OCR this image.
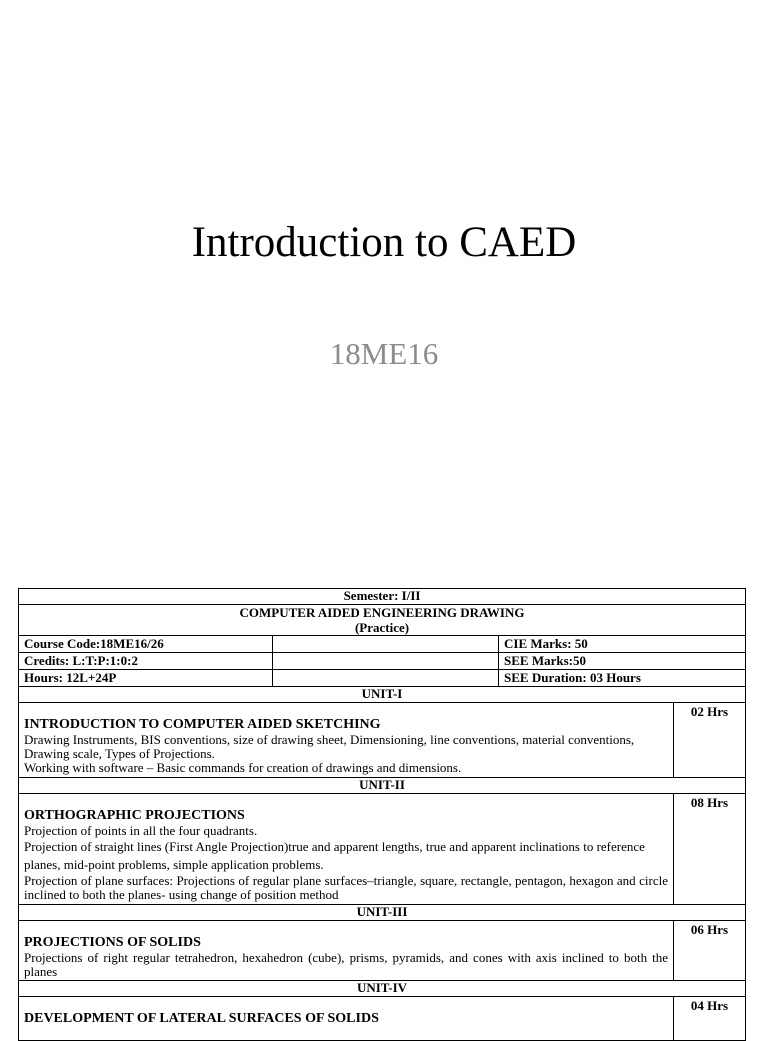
Introduction to CAED
18ME16
Semester: I/II			

COMPUTER AIDED ENGINEERING DRAWING
(Practice)			

Course Code:18ME16/26		CIE Marks: 50	
Credits: L:T:P:1:0:2		SEE Marks:50	
Hours: 12L+24P		SEE Duration: 03 Hours	
UNIT-I			

INTRODUCTION TO COMPUTER AIDED SKETCHING

Drawing Instruments, BIS conventions, size of drawing sheet, Dimensioning, line conventions, material conventions, Drawing scale, Types of Projections.

Working with software – Basic commands for creation of drawings and dimensions.			02 Hrs
UNIT-II			

ORTHOGRAPHIC PROJECTIONS

Projection of points in all the four quadrants.

Projection of straight lines (First Angle Projection)true and apparent lengths, true and apparent inclinations to reference planes, mid-point problems, simple application problems.

Projection of plane surfaces: Projections of regular plane surfaces–triangle, square, rectangle, pentagon, hexagon and circle inclined to both the planes- using change of position method			08 Hrs
UNIT-III			

PROJECTIONS OF SOLIDS

Projections of right regular tetrahedron, hexahedron (cube), prisms, pyramids, and cones with axis inclined to both the planes			06 Hrs
UNIT-IV			

DEVELOPMENT OF LATERAL SURFACES OF SOLIDS			04 Hrs
